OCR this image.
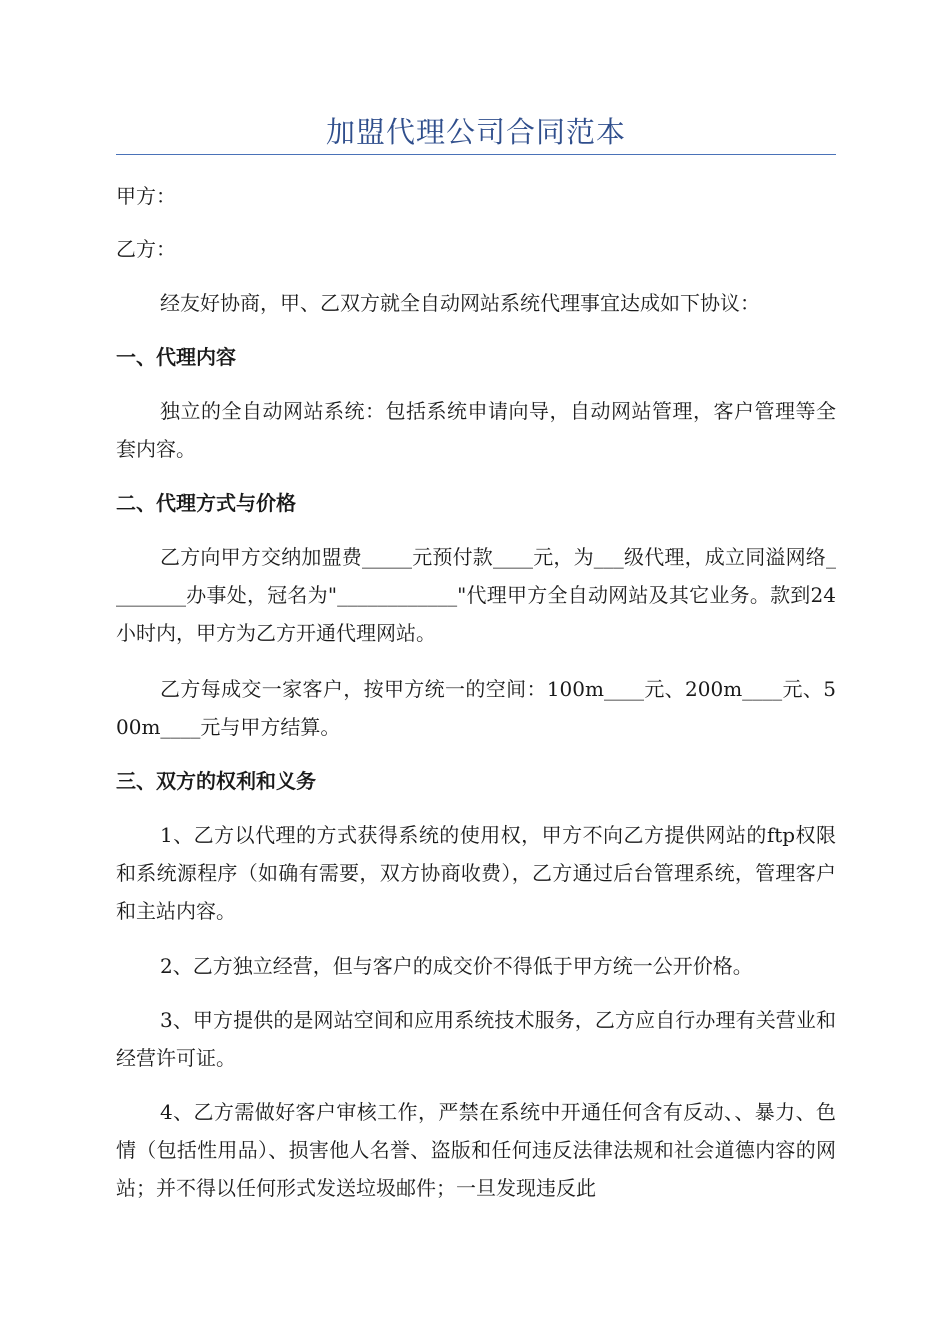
加盟代理公司合同范本
甲方：
乙方：
经友好协商，甲、乙双方就全自动网站系统代理事宜达成如下协议：
一、代理内容
独立的全自动网站系统：包括系统申请向导，自动网站管理，客户管理等全套内容。
二、代理方式与价格
乙方向甲方交纳加盟费_____元预付款____元，为___级代理，成立同溢网络________办事处，冠名为"____________"代理甲方全自动网站及其它业务。款到24小时内，甲方为乙方开通代理网站。
乙方每成交一家客户，按甲方统一的空间：100m____元、200m____元、500m____元与甲方结算。
三、双方的权利和义务
1、乙方以代理的方式获得系统的使用权，甲方不向乙方提供网站的ftp权限和系统源程序（如确有需要，双方协商收费），乙方通过后台管理系统，管理客户和主站内容。
2、乙方独立经营，但与客户的成交价不得低于甲方统一公开价格。
3、甲方提供的是网站空间和应用系统技术服务，乙方应自行办理有关营业和经营许可证。
4、乙方需做好客户审核工作，严禁在系统中开通任何含有反动、、暴力、色情（包括性用品）、损害他人名誉、盗版和任何违反法律法规和社会道德内容的网站；并不得以任何形式发送垃圾邮件；一旦发现违反此
